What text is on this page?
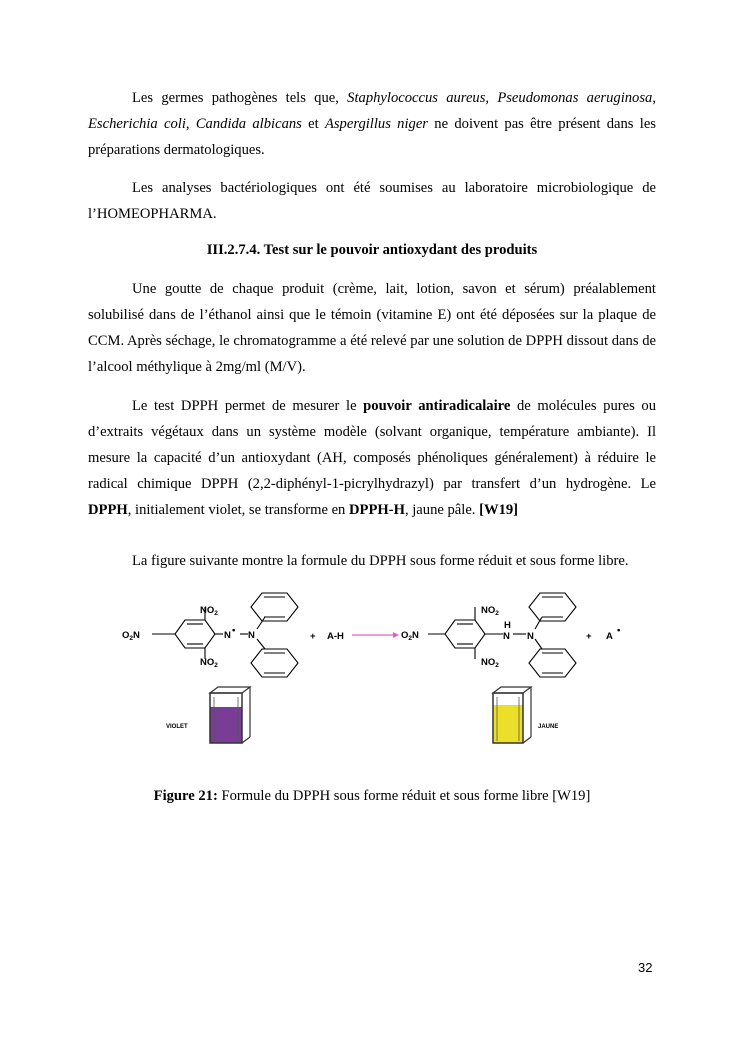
Les germes pathogènes tels que, Staphylococcus aureus, Pseudomonas aeruginosa, Escherichia coli, Candida albicans et Aspergillus niger ne doivent pas être présent dans les préparations dermatologiques.

Les analyses bactériologiques ont été soumises au laboratoire microbiologique de l’HOMEOPHARMA.

III.2.7.4. Test sur le pouvoir antioxydant des produits

Une goutte de chaque produit (crème, lait, lotion, savon et sérum) préalablement solubilisé dans de l’éthanol ainsi que le témoin (vitamine E) ont été déposées sur la plaque de CCM. Après séchage, le chromatogramme a été relevé par une solution de DPPH dissout dans de l’alcool méthylique à 2mg/ml (M/V).

Le test DPPH permet de mesurer le pouvoir antiradicalaire de molécules pures ou d’extraits végétaux dans un système modèle (solvant organique, température ambiante). Il mesure la capacité d’un antioxydant (AH, composés phénoliques généralement) à réduire le radical chimique DPPH (2,2-diphényl-1-picrylhydrazyl) par transfert d’un hydrogène. Le DPPH, initialement violet, se transforme en DPPH-H, jaune pâle. [W19]

La figure suivante montre la formule du DPPH sous forme réduit et sous forme libre.

$NO_2$
$NO_2$
$O_2N$	N • N	+ A-H
$NO_2$
$NO_2$
$O_2N$
H
N N	+ A
•
VIOLET	JAUNE

Figure 21: Formule du DPPH sous forme réduit et sous forme libre [W19]

32
